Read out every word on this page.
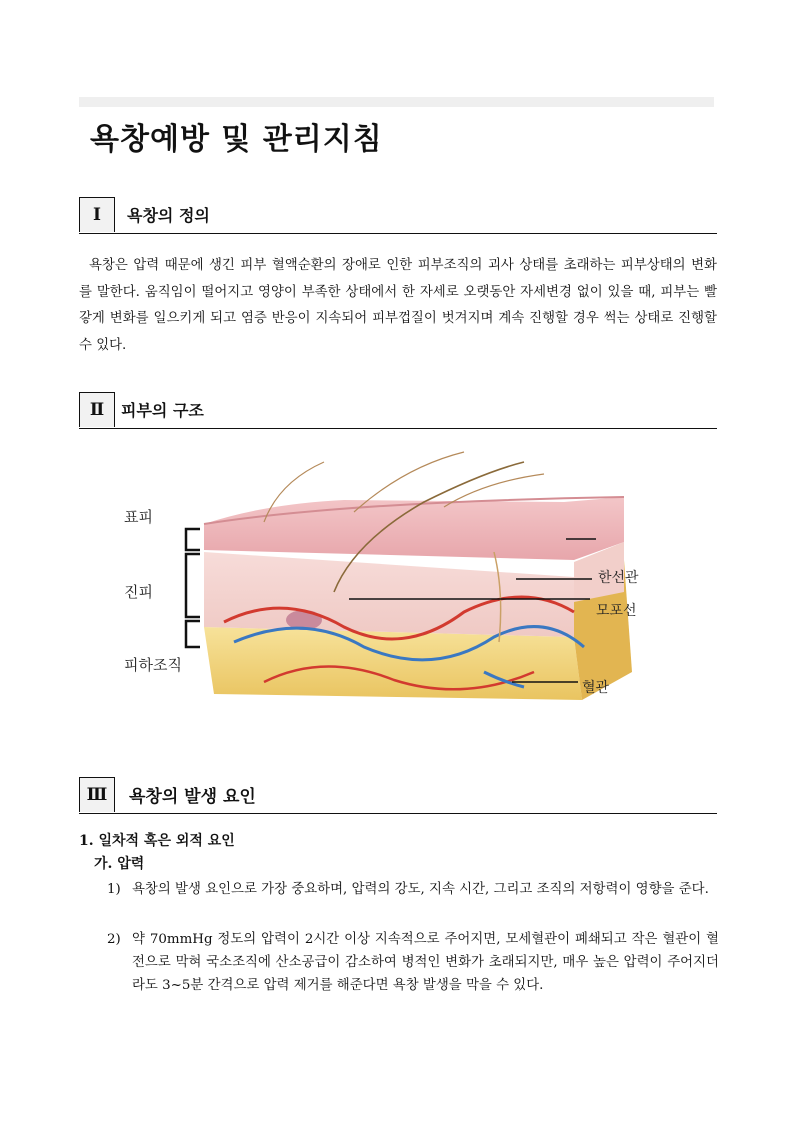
욕창예방 및 관리지침
I	욕창의 정의

욕창은 압력 때문에 생긴 피부 혈액순환의 장애로 인한 피부조직의 괴사 상태를 초래하는 피부상태의 변화 를 말한다. 움직임이 떨어지고 영양이 부족한 상태에서 한 자세로 오랫동안 자세변경 없이 있을 때, 피부는 빨갛게 변화를 일으키게 되고 염증 반응이 지속되어 피부껍질이 벗겨지며 계속 진행할 경우 썩는 상태로 진행할 수 있다.

Ⅱ	피부의 구조
표피
진피
피하조직
한선관
모포선
혈관
Ⅲ	욕창의 발생 요인
1. 일차적 혹은 외적 요인
가. 압력
1) 욕창의 발생 요인으로 가장 중요하며, 압력의 강도, 지속 시간, 그리고 조직의 저항력이 영향을 준다.
2) 약 70mmHg 정도의 압력이 2시간 이상 지속적으로 주어지면, 모세혈관이 폐쇄되고 작은 혈관이 혈전으로 막혀 국소조직에 산소공급이 감소하여 병적인 변화가 초래되지만, 매우 높은 압력이 주어지더라도 3~5분 간격으로 압력 제거를 해준다면 욕창 발생을 막을 수 있다.
